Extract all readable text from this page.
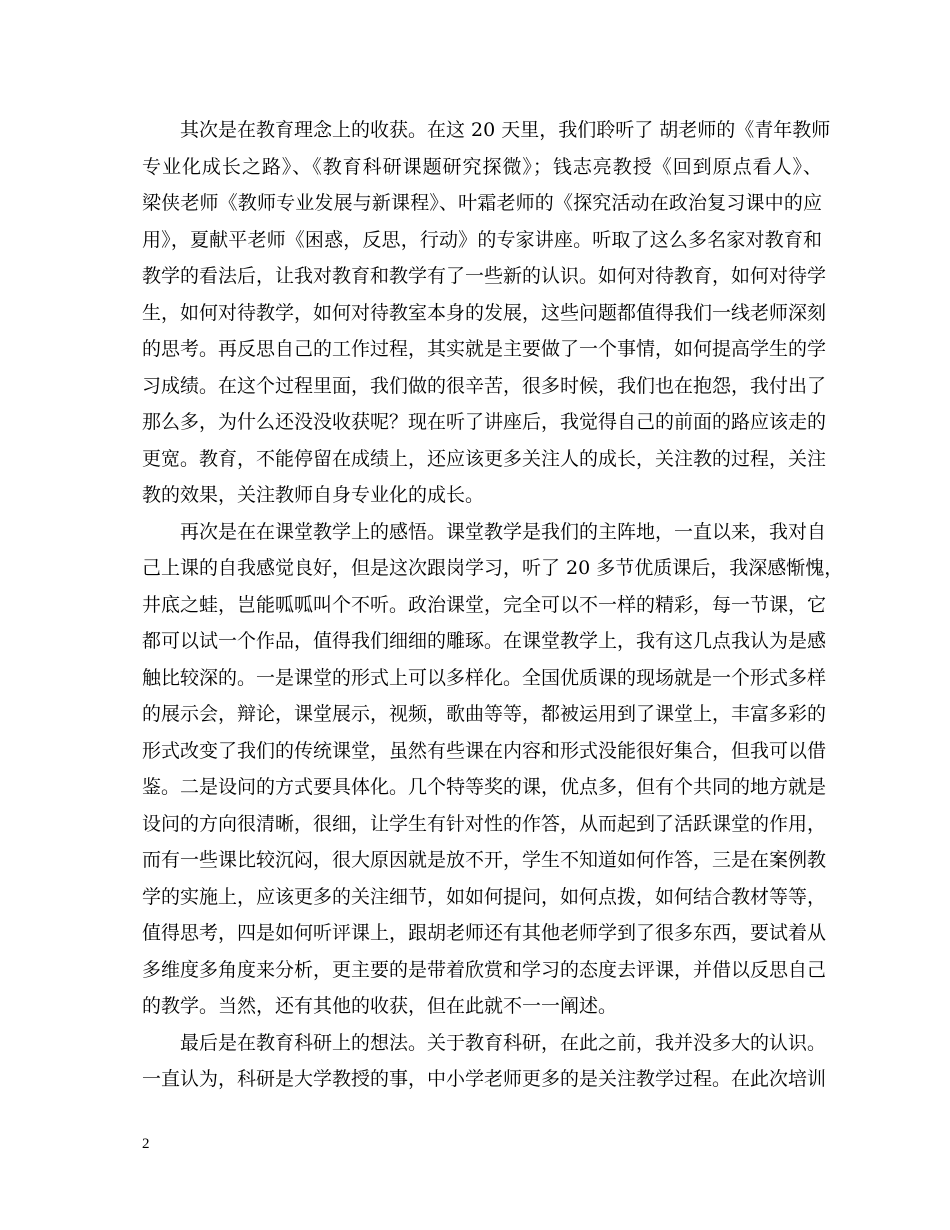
其次是在教育理念上的收获。在这 20 天里，我们聆听了 胡老师的《青年教师
专业化成长之路》、《教育科研课题研究探微》；钱志亮教授《回到原点看人》、
梁侠老师《教师专业发展与新课程》、叶霜老师的《探究活动在政治复习课中的应
用》，夏献平老师《困惑，反思，行动》的专家讲座。听取了这么多名家对教育和
教学的看法后，让我对教育和教学有了一些新的认识。如何对待教育，如何对待学
生，如何对待教学，如何对待教室本身的发展，这些问题都值得我们一线老师深刻
的思考。再反思自己的工作过程，其实就是主要做了一个事情，如何提高学生的学
习成绩。在这个过程里面，我们做的很辛苦，很多时候，我们也在抱怨，我付出了
那么多，为什么还没没收获呢？现在听了讲座后，我觉得自己的前面的路应该走的
更宽。教育，不能停留在成绩上，还应该更多关注人的成长，关注教的过程，关注
教的效果，关注教师自身专业化的成长。
再次是在在课堂教学上的感悟。课堂教学是我们的主阵地，一直以来，我对自
己上课的自我感觉良好，但是这次跟岗学习，听了 20 多节优质课后，我深感惭愧，
井底之蛙，岂能呱呱叫个不听。政治课堂，完全可以不一样的精彩，每一节课，它
都可以试一个作品，值得我们细细的雕琢。在课堂教学上，我有这几点我认为是感
触比较深的。一是课堂的形式上可以多样化。全国优质课的现场就是一个形式多样
的展示会，辩论，课堂展示，视频，歌曲等等，都被运用到了课堂上，丰富多彩的
形式改变了我们的传统课堂，虽然有些课在内容和形式没能很好集合，但我可以借
鉴。二是设问的方式要具体化。几个特等奖的课，优点多，但有个共同的地方就是
设问的方向很清晰，很细，让学生有针对性的作答，从而起到了活跃课堂的作用，
而有一些课比较沉闷，很大原因就是放不开，学生不知道如何作答，三是在案例教
学的实施上，应该更多的关注细节，如如何提问，如何点拨，如何结合教材等等，
值得思考，四是如何听评课上，跟胡老师还有其他老师学到了很多东西，要试着从
多维度多角度来分析，更主要的是带着欣赏和学习的态度去评课，并借以反思自己
的教学。当然，还有其他的收获，但在此就不一一阐述。
最后是在教育科研上的想法。关于教育科研，在此之前，我并没多大的认识。
一直认为，科研是大学教授的事，中小学老师更多的是关注教学过程。在此次培训
2
